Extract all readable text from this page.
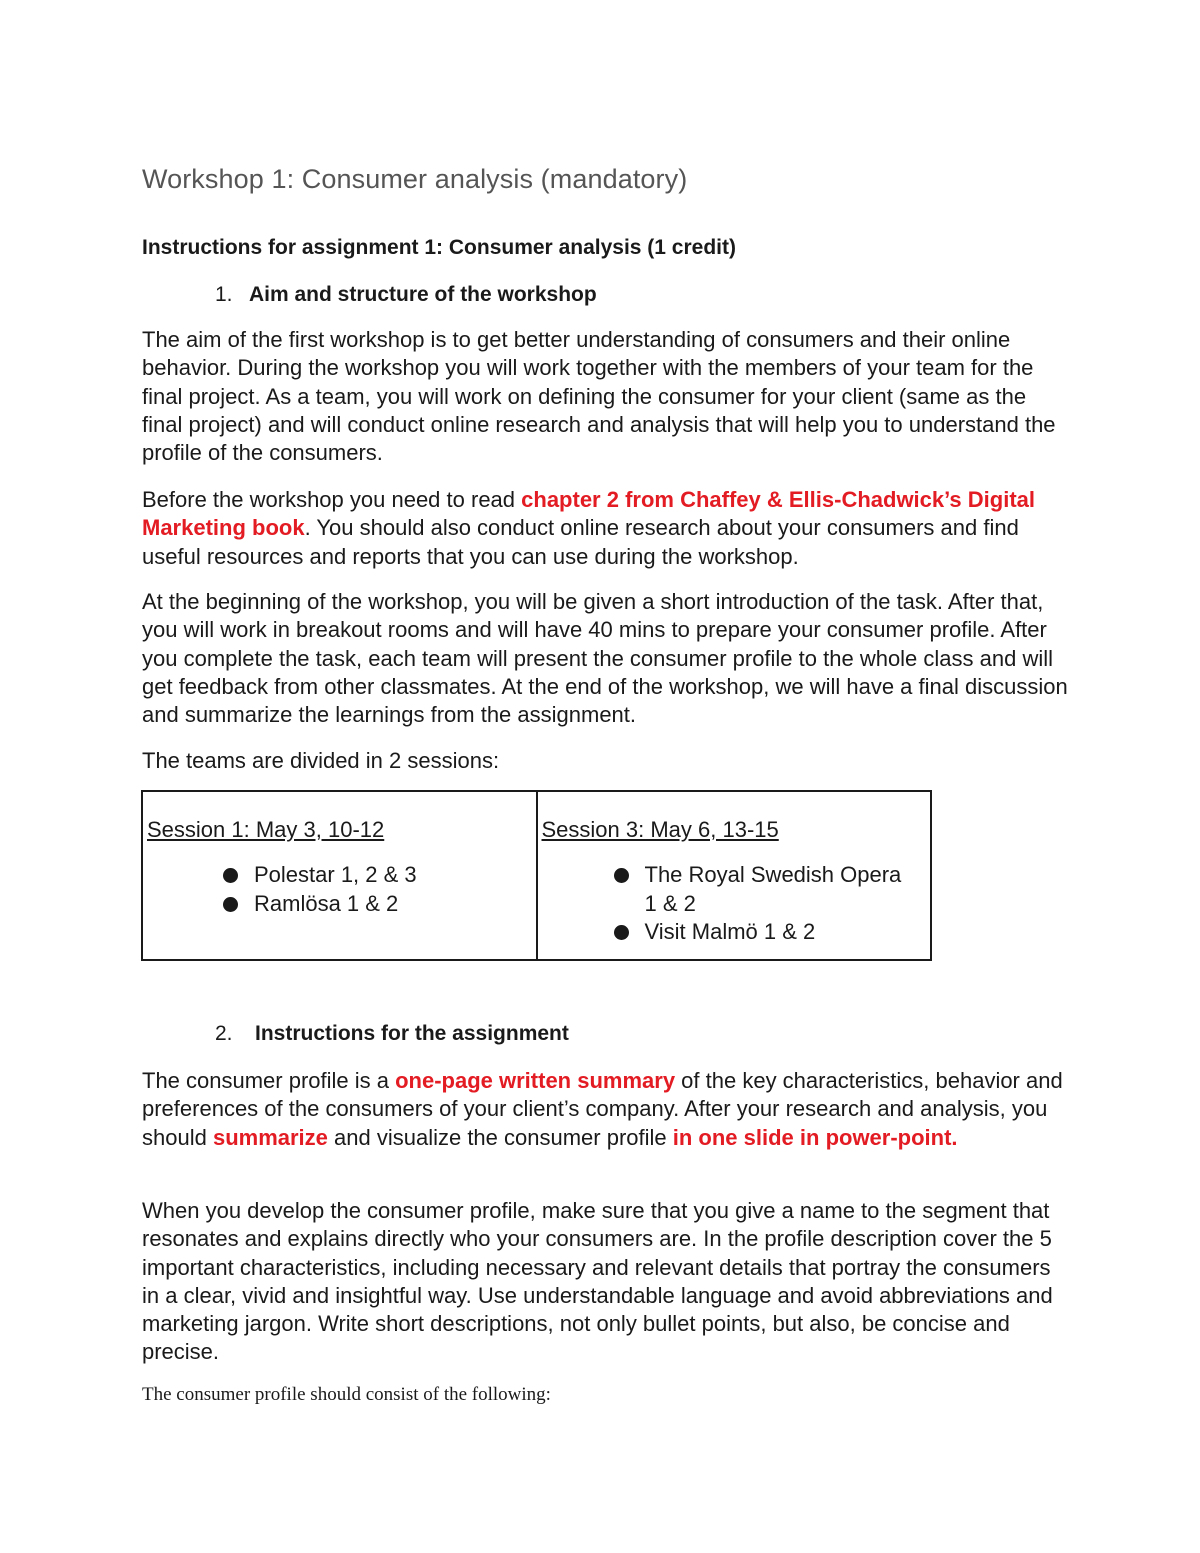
Workshop 1: Consumer analysis (mandatory)

Instructions for assignment 1: Consumer analysis (1 credit)

1. Aim and structure of the workshop

The aim of the first workshop is to get better understanding of consumers and their online behavior. During the workshop you will work together with the members of your team for the final project. As a team, you will work on defining the consumer for your client (same as the final project) and will conduct online research and analysis that will help you to understand the profile of the consumers.

Before the workshop you need to read chapter 2 from Chaffey & Ellis-Chadwick’s Digital Marketing book. You should also conduct online research about your consumers and find useful resources and reports that you can use during the workshop.

At the beginning of the workshop, you will be given a short introduction of the task. After that, you will work in breakout rooms and will have 40 mins to prepare your consumer profile. After you complete the task, each team will present the consumer profile to the whole class and will get feedback from other classmates. At the end of the workshop, we will have a final discussion and summarize the learnings from the assignment.

The teams are divided in 2 sessions:

Session 1: May 3, 10-12
Polestar 1, 2 & 3
Ramlösa 1 & 2

Session 3: May 6, 13-15
The Royal Swedish Opera 1 & 2
Visit Malmö 1 & 2
2. Instructions for the assignment

The consumer profile is a one-page written summary of the key characteristics, behavior and preferences of the consumers of your client’s company. After your research and analysis, you should summarize and visualize the consumer profile in one slide in power-point.

When you develop the consumer profile, make sure that you give a name to the segment that resonates and explains directly who your consumers are. In the profile description cover the 5 important characteristics, including necessary and relevant details that portray the consumers in a clear, vivid and insightful way. Use understandable language and avoid abbreviations and marketing jargon. Write short descriptions, not only bullet points, but also, be concise and precise.

The consumer profile should consist of the following:
